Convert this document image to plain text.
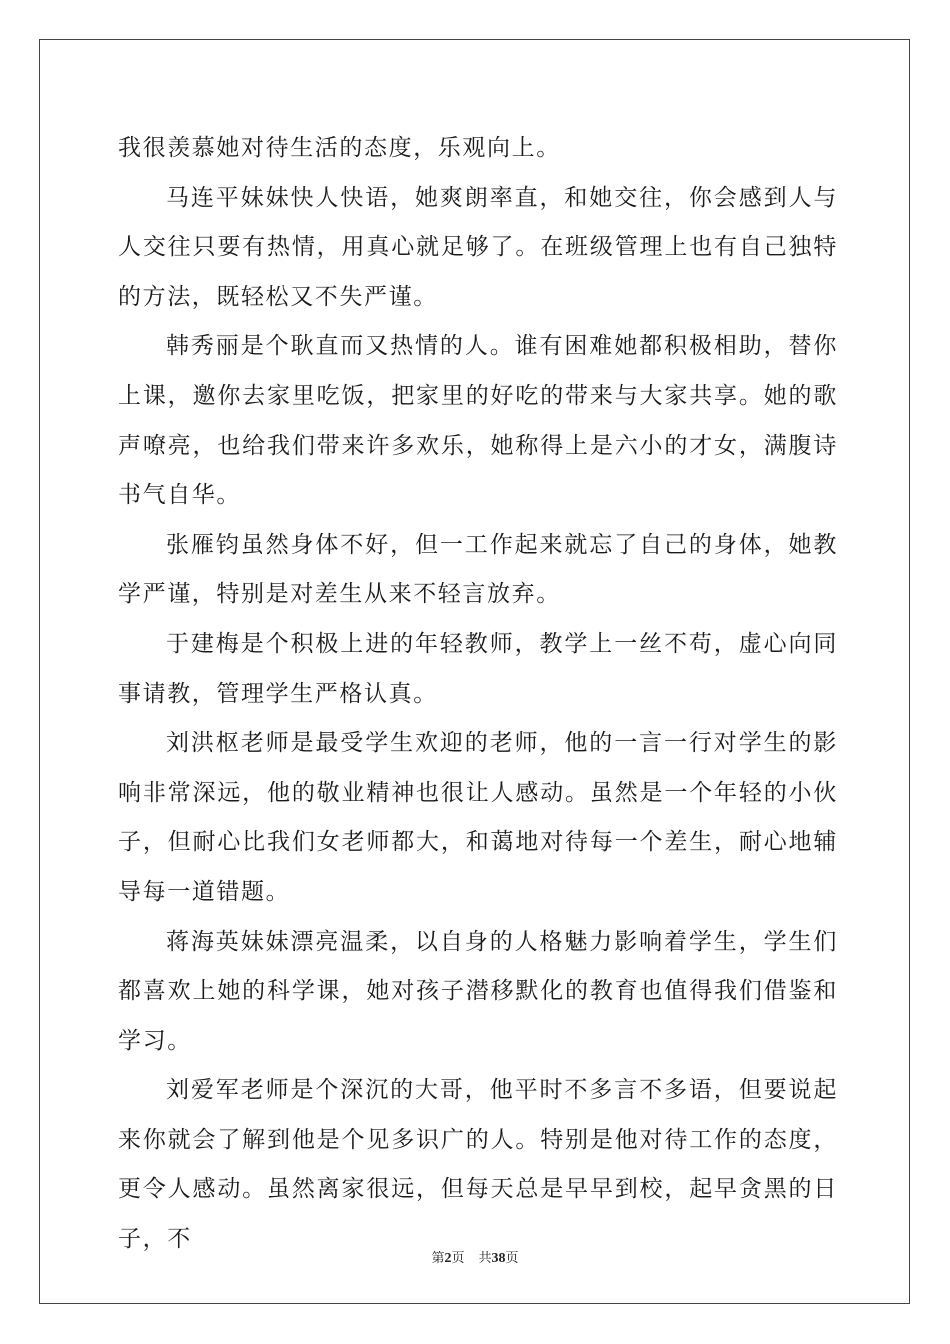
我很羡慕她对待生活的态度，乐观向上。

马连平妹妹快人快语，她爽朗率直，和她交往，你会感到人与人交往只要有热情，用真心就足够了。在班级管理上也有自己独特的方法，既轻松又不失严谨。

韩秀丽是个耿直而又热情的人。谁有困难她都积极相助，替你上课，邀你去家里吃饭，把家里的好吃的带来与大家共享。她的歌声嘹亮，也给我们带来许多欢乐，她称得上是六小的才女，满腹诗书气自华。

张雁钧虽然身体不好，但一工作起来就忘了自己的身体，她教学严谨，特别是对差生从来不轻言放弃。

于建梅是个积极上进的年轻教师，教学上一丝不苟，虚心向同事请教，管理学生严格认真。

刘洪枢老师是最受学生欢迎的老师，他的一言一行对学生的影响非常深远，他的敬业精神也很让人感动。虽然是一个年轻的小伙子，但耐心比我们女老师都大，和蔼地对待每一个差生，耐心地辅导每一道错题。

蒋海英妹妹漂亮温柔，以自身的人格魅力影响着学生，学生们都喜欢上她的科学课，她对孩子潜移默化的教育也值得我们借鉴和学习。

刘爱军老师是个深沉的大哥，他平时不多言不多语，但要说起来你就会了解到他是个见多识广的人。特别是他对待工作的态度，更令人感动。虽然离家很远，但每天总是早早到校，起早贪黑的日子，不

第2页 共38页
